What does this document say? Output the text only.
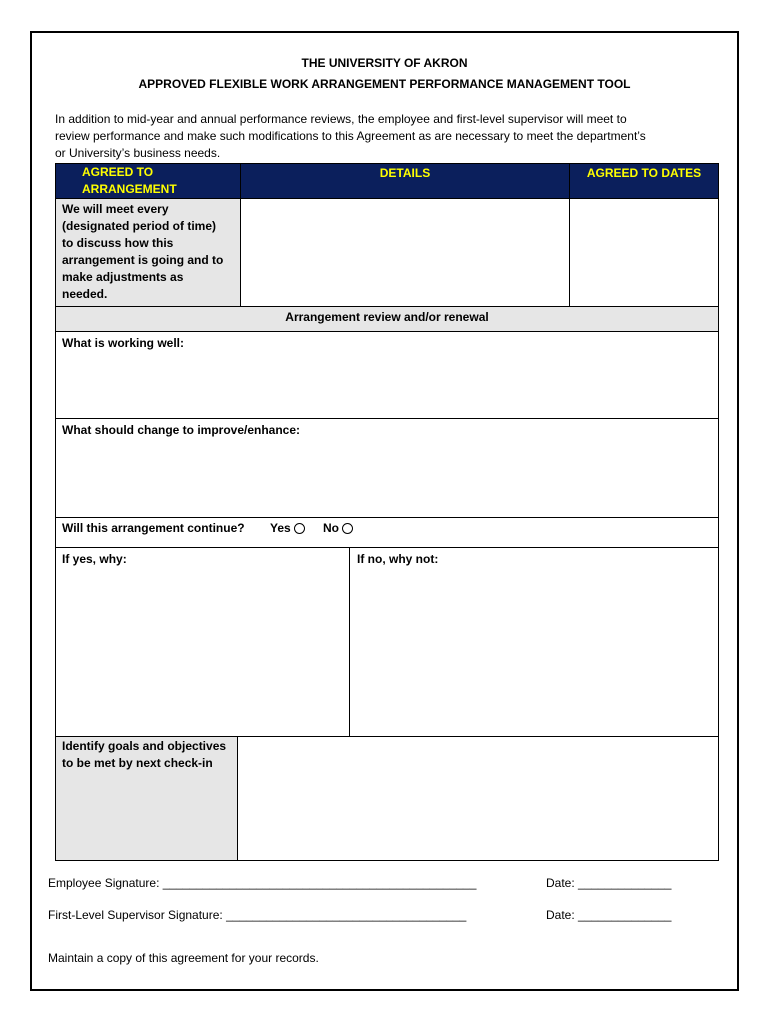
THE UNIVERSITY OF AKRON
APPROVED FLEXIBLE WORK ARRANGEMENT PERFORMANCE MANAGEMENT TOOL
In addition to mid-year and annual performance reviews, the employee and first-level supervisor will meet to
review performance and make such modifications to this Agreement as are necessary to meet the department’s
or University’s business needs.
AGREED TO
ARRANGEMENT
DETAILS	AGREED TO DATES
We will meet every
(designated period of time)
to discuss how this
arrangement is going and to
make adjustments as
needed.
Arrangement review and/or renewal
What is working well:
What should change to improve/enhance:
Will this arrangement continue? Yes	No
If yes, why:	If no, why not:
Identify goals and objectives
to be met by next check-in
Employee Signature: _______________________________________________	Date: ______________
First-Level Supervisor Signature: ____________________________________	Date: ______________
Maintain a copy of this agreement for your records.
